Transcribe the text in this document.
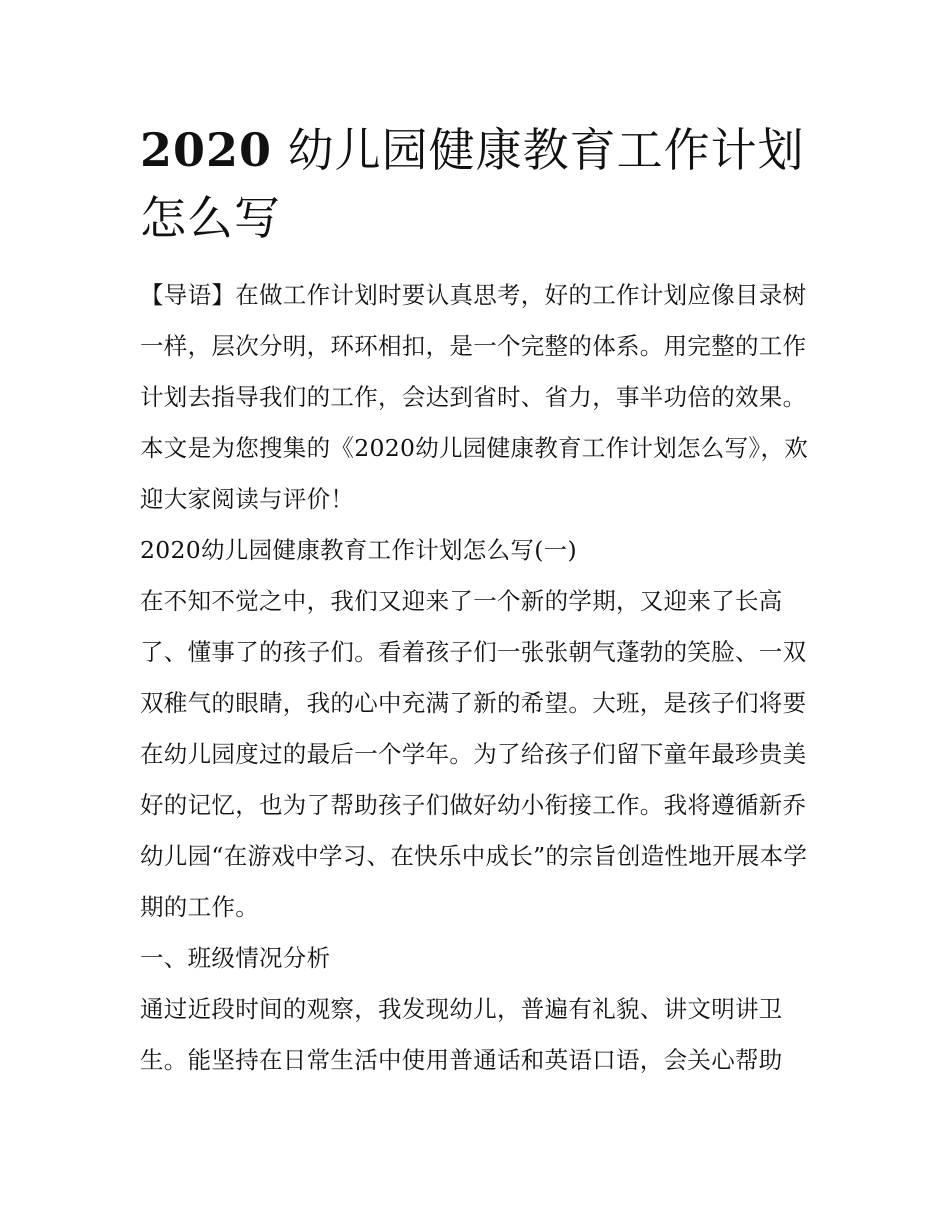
2020 幼儿园健康教育工作计划怎么写

【导语】在做工作计划时要认真思考，好的工作计划应像目录树一样，层次分明，环环相扣，是一个完整的体系。用完整的工作计划去指导我们的工作，会达到省时、省力，事半功倍的效果。本文是为您搜集的《2020幼儿园健康教育工作计划怎么写》，欢迎大家阅读与评价！

2020幼儿园健康教育工作计划怎么写(一)

在不知不觉之中，我们又迎来了一个新的学期，又迎来了长高了、懂事了的孩子们。看着孩子们一张张朝气蓬勃的笑脸、一双双稚气的眼睛，我的心中充满了新的希望。大班，是孩子们将要在幼儿园度过的最后一个学年。为了给孩子们留下童年最珍贵美好的记忆，也为了帮助孩子们做好幼小衔接工作。我将遵循新乔幼儿园“在游戏中学习、在快乐中成长”的宗旨创造性地开展本学期的工作。

一、班级情况分析

通过近段时间的观察，我发现幼儿，普遍有礼貌、讲文明讲卫生。能坚持在日常生活中使用普通话和英语口语，会关心帮助
